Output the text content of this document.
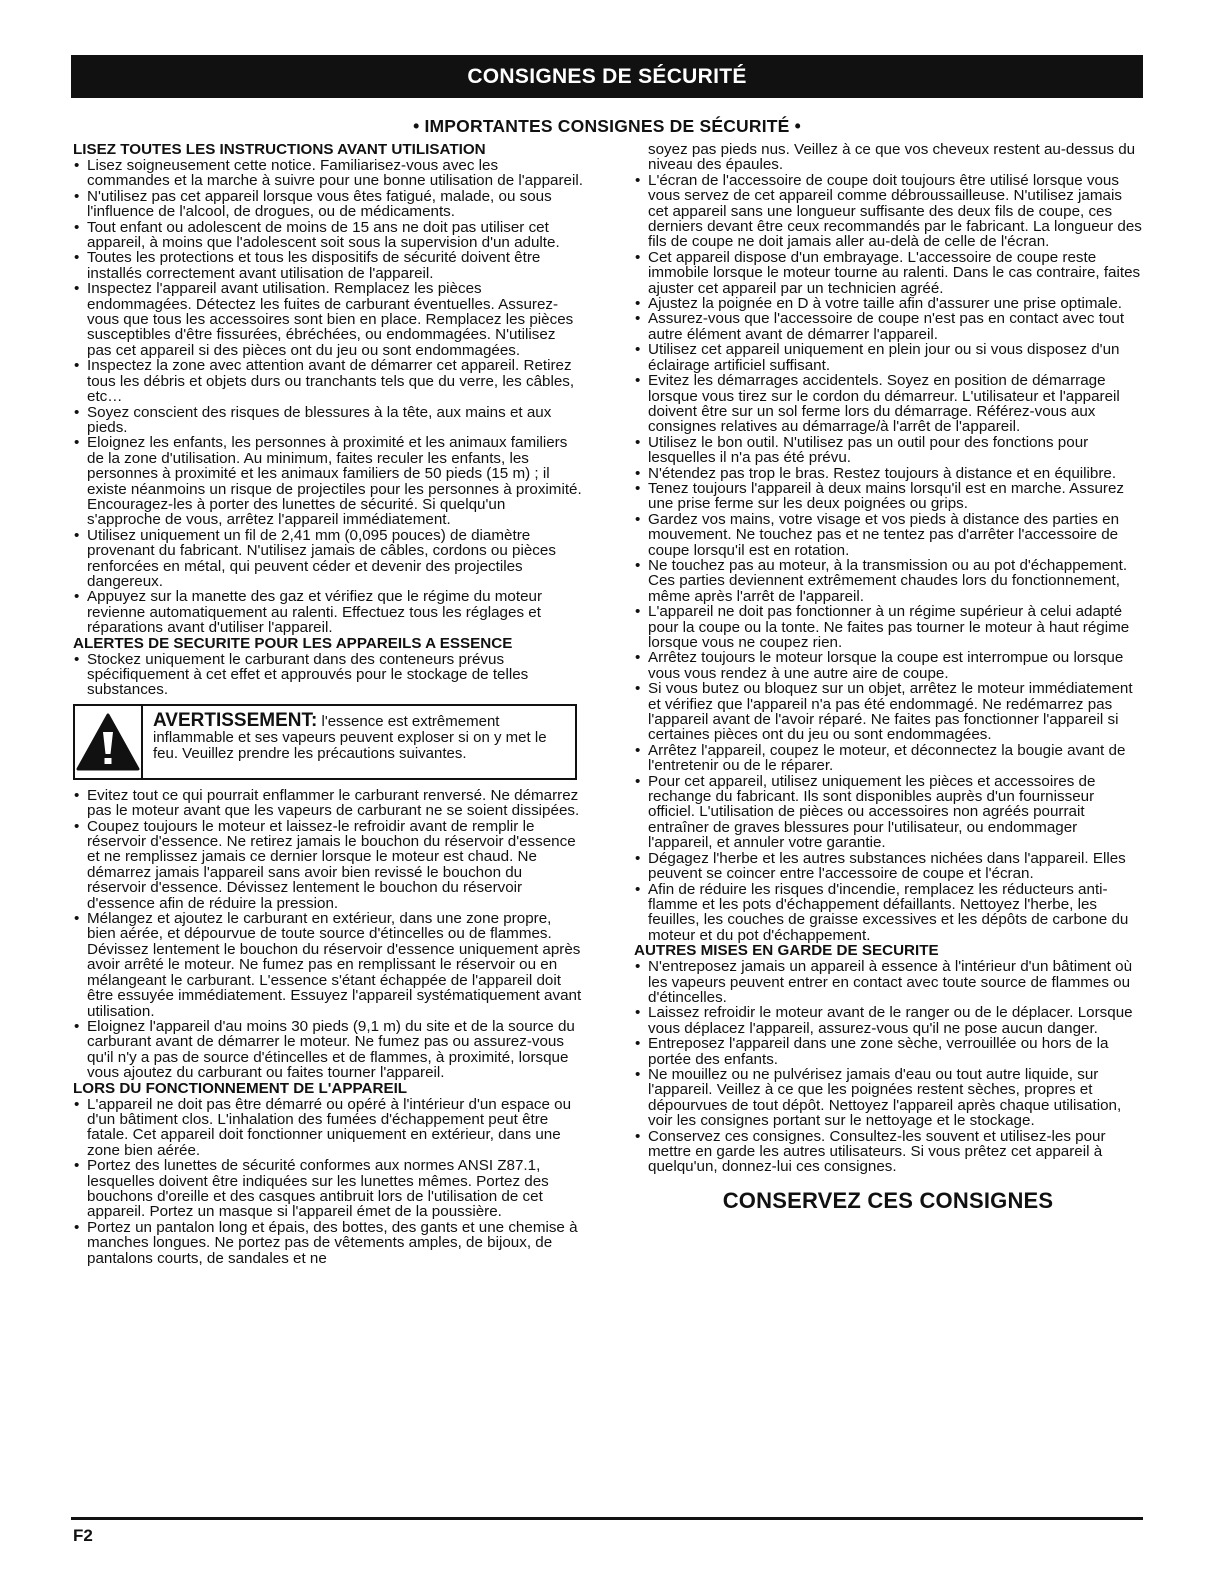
CONSIGNES DE SÉCURITÉ
• IMPORTANTES CONSIGNES DE SÉCURITÉ •
LISEZ TOUTES LES INSTRUCTIONS AVANT UTILISATION
• Lisez soigneusement cette notice. Familiarisez-vous avec les commandes et la marche à suivre pour une bonne utilisation de l'appareil.
• N'utilisez pas cet appareil lorsque vous êtes fatigué, malade, ou sous l'influence de l'alcool, de drogues, ou de médicaments.
• Tout enfant ou adolescent de moins de 15 ans ne doit pas utiliser cet appareil, à moins que l'adolescent soit sous la supervision d'un adulte.
• Toutes les protections et tous les dispositifs de sécurité doivent être installés correctement avant utilisation de l'appareil.
• Inspectez l'appareil avant utilisation. Remplacez les pièces endommagées. Détectez les fuites de carburant éventuelles. Assurez-vous que tous les accessoires sont bien en place. Remplacez les pièces susceptibles d'être fissurées, ébréchées, ou endommagées. N'utilisez pas cet appareil si des pièces ont du jeu ou sont endommagées.
• Inspectez la zone avec attention avant de démarrer cet appareil. Retirez tous les débris et objets durs ou tranchants tels que du verre, les câbles, etc…
• Soyez conscient des risques de blessures à la tête, aux mains et aux pieds.
• Eloignez les enfants, les personnes à proximité et les animaux familiers de la zone d'utilisation. Au minimum, faites reculer les enfants, les personnes à proximité et les animaux familiers de 50 pieds (15 m) ; il existe néanmoins un risque de projectiles pour les personnes à proximité. Encouragez-les à porter des lunettes de sécurité. Si quelqu'un s'approche de vous, arrêtez l'appareil immédiatement.
• Utilisez uniquement un fil de 2,41 mm (0,095 pouces) de diamètre provenant du fabricant. N'utilisez jamais de câbles, cordons ou pièces renforcées en métal, qui peuvent céder et devenir des projectiles dangereux.
• Appuyez sur la manette des gaz et vérifiez que le régime du moteur revienne automatiquement au ralenti. Effectuez tous les réglages et réparations avant d'utiliser l'appareil.
ALERTES DE SECURITE POUR LES APPAREILS A ESSENCE
• Stockez uniquement le carburant dans des conteneurs prévus spécifiquement à cet effet et approuvés pour le stockage de telles substances.
AVERTISSEMENT: l'essence est extrêmement inflammable et ses vapeurs peuvent exploser si on y met le feu. Veuillez prendre les précautions suivantes.
• Evitez tout ce qui pourrait enflammer le carburant renversé. Ne démarrez pas le moteur avant que les vapeurs de carburant ne se soient dissipées.
• Coupez toujours le moteur et laissez-le refroidir avant de remplir le réservoir d'essence. Ne retirez jamais le bouchon du réservoir d'essence et ne remplissez jamais ce dernier lorsque le moteur est chaud. Ne démarrez jamais l'appareil sans avoir bien revissé le bouchon du réservoir d'essence. Dévissez lentement le bouchon du réservoir d'essence afin de réduire la pression.
• Mélangez et ajoutez le carburant en extérieur, dans une zone propre, bien aérée, et dépourvue de toute source d'étincelles ou de flammes. Dévissez lentement le bouchon du réservoir d'essence uniquement après avoir arrêté le moteur. Ne fumez pas en remplissant le réservoir ou en mélangeant le carburant. L'essence s'étant échappée de l'appareil doit être essuyée immédiatement. Essuyez l'appareil systématiquement avant utilisation.
• Eloignez l'appareil d'au moins 30 pieds (9,1 m) du site et de la source du carburant avant de démarrer le moteur. Ne fumez pas ou assurez-vous qu'il n'y a pas de source d'étincelles et de flammes, à proximité, lorsque vous ajoutez du carburant ou faites tourner l'appareil.
LORS DU FONCTIONNEMENT DE L'APPAREIL
• L'appareil ne doit pas être démarré ou opéré à l'intérieur d'un espace ou d'un bâtiment clos. L'inhalation des fumées d'échappement peut être fatale. Cet appareil doit fonctionner uniquement en extérieur, dans une zone bien aérée.
• Portez des lunettes de sécurité conformes aux normes ANSI Z87.1, lesquelles doivent être indiquées sur les lunettes mêmes. Portez des bouchons d'oreille et des casques antibruit lors de l'utilisation de cet appareil. Portez un masque si l'appareil émet de la poussière.
• Portez un pantalon long et épais, des bottes, des gants et une chemise à manches longues. Ne portez pas de vêtements amples, de bijoux, de pantalons courts, de sandales et ne
soyez pas pieds nus. Veillez à ce que vos cheveux restent au-dessus du niveau des épaules.
• L'écran de l'accessoire de coupe doit toujours être utilisé lorsque vous vous servez de cet appareil comme débroussailleuse. N'utilisez jamais cet appareil sans une longueur suffisante des deux fils de coupe, ces derniers devant être ceux recommandés par le fabricant. La longueur des fils de coupe ne doit jamais aller au-delà de celle de l'écran.
• Cet appareil dispose d'un embrayage. L'accessoire de coupe reste immobile lorsque le moteur tourne au ralenti. Dans le cas contraire, faites ajuster cet appareil par un technicien agréé.
• Ajustez la poignée en D à votre taille afin d'assurer une prise optimale.
• Assurez-vous que l'accessoire de coupe n'est pas en contact avec tout autre élément avant de démarrer l'appareil.
• Utilisez cet appareil uniquement en plein jour ou si vous disposez d'un éclairage artificiel suffisant.
• Evitez les démarrages accidentels. Soyez en position de démarrage lorsque vous tirez sur le cordon du démarreur. L'utilisateur et l'appareil doivent être sur un sol ferme lors du démarrage. Référez-vous aux consignes relatives au démarrage/à l'arrêt de l'appareil.
• Utilisez le bon outil. N'utilisez pas un outil pour des fonctions pour lesquelles il n'a pas été prévu.
• N'étendez pas trop le bras. Restez toujours à distance et en équilibre.
• Tenez toujours l'appareil à deux mains lorsqu'il est en marche. Assurez une prise ferme sur les deux poignées ou grips.
• Gardez vos mains, votre visage et vos pieds à distance des parties en mouvement. Ne touchez pas et ne tentez pas d'arrêter l'accessoire de coupe lorsqu'il est en rotation.
• Ne touchez pas au moteur, à la transmission ou au pot d'échappement. Ces parties deviennent extrêmement chaudes lors du fonctionnement, même après l'arrêt de l'appareil.
• L'appareil ne doit pas fonctionner à un régime supérieur à celui adapté pour la coupe ou la tonte. Ne faites pas tourner le moteur à haut régime lorsque vous ne coupez rien.
• Arrêtez toujours le moteur lorsque la coupe est interrompue ou lorsque vous vous rendez à une autre aire de coupe.
• Si vous butez ou bloquez sur un objet, arrêtez le moteur immédiatement et vérifiez que l'appareil n'a pas été endommagé. Ne redémarrez pas l'appareil avant de l'avoir réparé. Ne faites pas fonctionner l'appareil si certaines pièces ont du jeu ou sont endommagées.
• Arrêtez l'appareil, coupez le moteur, et déconnectez la bougie avant de l'entretenir ou de le réparer.
• Pour cet appareil, utilisez uniquement les pièces et accessoires de rechange du fabricant. Ils sont disponibles auprès d'un fournisseur officiel. L'utilisation de pièces ou accessoires non agréés pourrait entraîner de graves blessures pour l'utilisateur, ou endommager l'appareil, et annuler votre garantie.
• Dégagez l'herbe et les autres substances nichées dans l'appareil. Elles peuvent se coincer entre l'accessoire de coupe et l'écran.
• Afin de réduire les risques d'incendie, remplacez les réducteurs anti-flamme et les pots d'échappement défaillants. Nettoyez l'herbe, les feuilles, les couches de graisse excessives et les dépôts de carbone du moteur et du pot d'échappement.
AUTRES MISES EN GARDE DE SECURITE
• N'entreposez jamais un appareil à essence à l'intérieur d'un bâtiment où les vapeurs peuvent entrer en contact avec toute source de flammes ou d'étincelles.
• Laissez refroidir le moteur avant de le ranger ou de le déplacer. Lorsque vous déplacez l'appareil, assurez-vous qu'il ne pose aucun danger.
• Entreposez l'appareil dans une zone sèche, verrouillée ou hors de la portée des enfants.
• Ne mouillez ou ne pulvérisez jamais d'eau ou tout autre liquide, sur l'appareil. Veillez à ce que les poignées restent sèches, propres et dépourvues de tout dépôt. Nettoyez l'appareil après chaque utilisation, voir les consignes portant sur le nettoyage et le stockage.
• Conservez ces consignes. Consultez-les souvent et utilisez-les pour mettre en garde les autres utilisateurs. Si vous prêtez cet appareil à quelqu'un, donnez-lui ces consignes.
CONSERVEZ CES CONSIGNES
F2
